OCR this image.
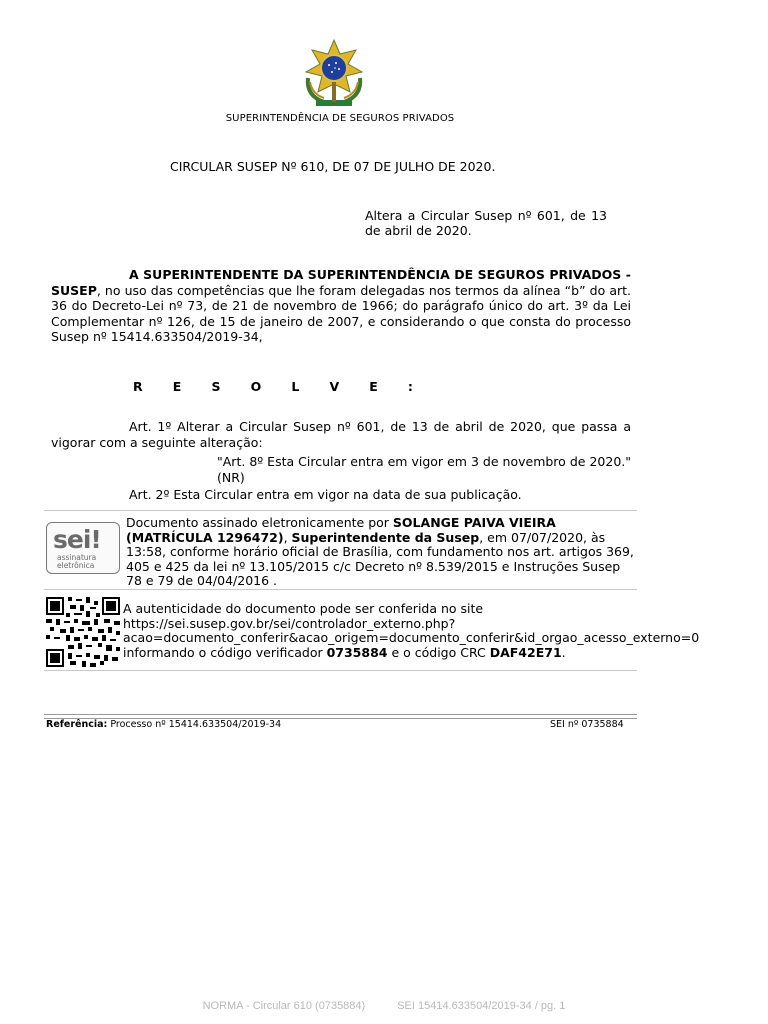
SUPERINTENDÊNCIA DE SEGUROS PRIVADOS
CIRCULAR SUSEP Nº 610, DE 07 DE JULHO DE 2020.
Altera a Circular Susep nº 601, de 13 de abril de 2020.
A SUPERINTENDENTE DA SUPERINTENDÊNCIA DE SEGUROS PRIVADOS - SUSEP, no uso das competências que lhe foram delegadas nos termos da alínea “b” do art. 36 do Decreto-Lei nº 73, de 21 de novembro de 1966; do parágrafo único do art. 3º da Lei Complementar nº 126, de 15 de janeiro de 2007, e considerando o que consta do processo Susep nº 15414.633504/2019-34,
R E S O L V E :
Art. 1º Alterar a Circular Susep nº 601, de 13 de abril de 2020, que passa a vigorar com a seguinte alteração:
"Art. 8º Esta Circular entra em vigor em 3 de novembro de 2020." (NR)
Art. 2º Esta Circular entra em vigor na data de sua publicação.
sei!
assinatura
eletrônica
Documento assinado eletronicamente por SOLANGE PAIVA VIEIRA (MATRÍCULA 1296472), Superintendente da Susep, em 07/07/2020, às 13:58, conforme horário oficial de Brasília, com fundamento nos art. artigos 369, 405 e 425 da lei nº 13.105/2015 c/c Decreto nº 8.539/2015 e Instruções Susep 78 e 79 de 04/04/2016 .
A autenticidade do documento pode ser conferida no site
https://sei.susep.gov.br/sei/controlador_externo.php?
acao=documento_conferir&acao_origem=documento_conferir&id_orgao_acesso_externo=0
informando o código verificador 0735884 e o código CRC DAF42E71.
Referência: Processo nº 15414.633504/2019-34	SEI nº 0735884
NORMA - Circular 610 (0735884)	SEI 15414.633504/2019-34 / pg. 1
